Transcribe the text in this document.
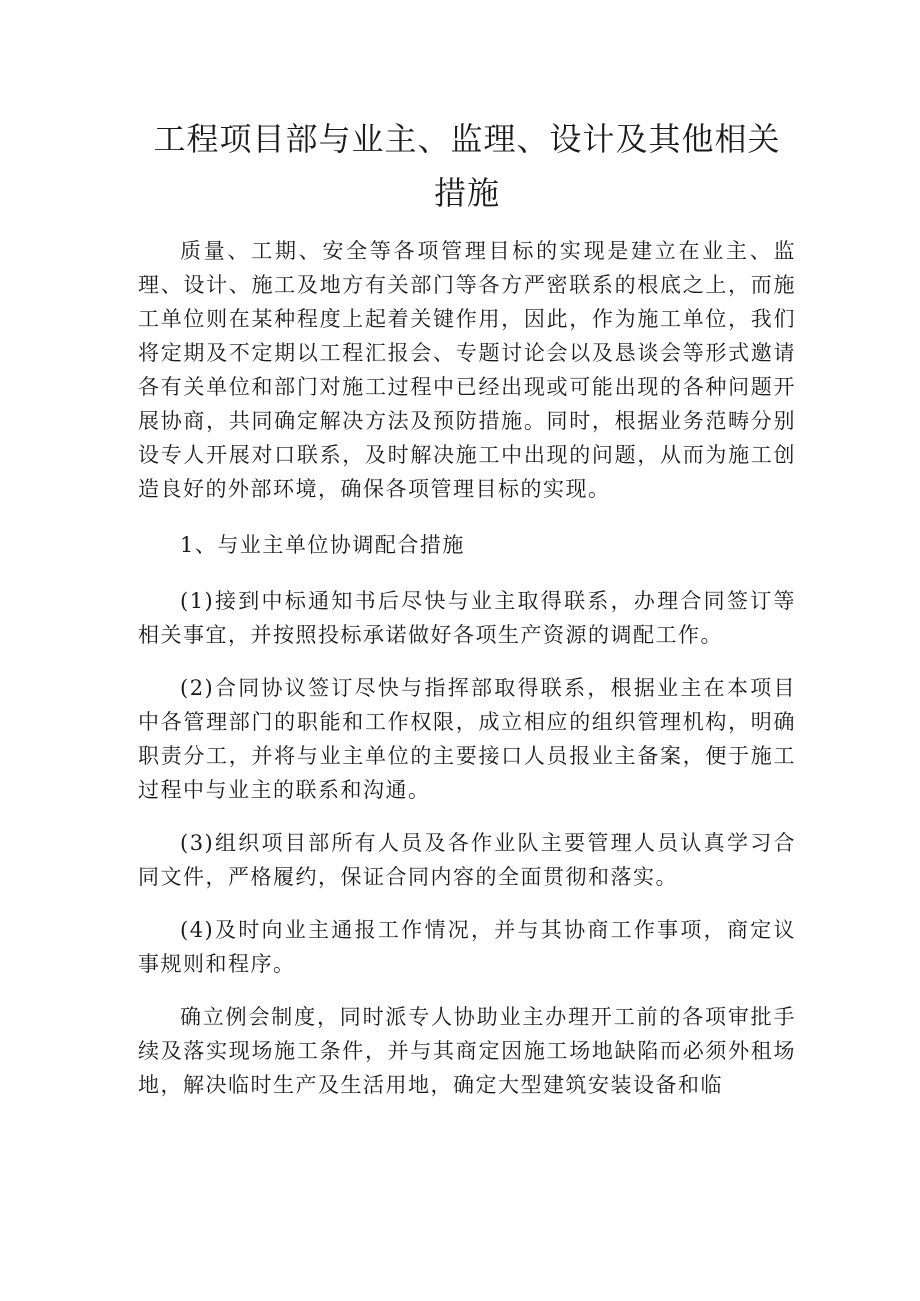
工程项目部与业主、监理、设计及其他相关措施

质量、工期、安全等各项管理目标的实现是建立在业主、监理、设计、施工及地方有关部门等各方严密联系的根底之上，而施工单位则在某种程度上起着关键作用，因此，作为施工单位，我们将定期及不定期以工程汇报会、专题讨论会以及恳谈会等形式邀请各有关单位和部门对施工过程中已经出现或可能出现的各种问题开展协商，共同确定解决方法及预防措施。同时，根据业务范畴分别设专人开展对口联系，及时解决施工中出现的问题，从而为施工创造良好的外部环境，确保各项管理目标的实现。

1、与业主单位协调配合措施

(1)接到中标通知书后尽快与业主取得联系，办理合同签订等相关事宜，并按照投标承诺做好各项生产资源的调配工作。

(2)合同协议签订尽快与指挥部取得联系，根据业主在本项目中各管理部门的职能和工作权限，成立相应的组织管理机构，明确职责分工，并将与业主单位的主要接口人员报业主备案，便于施工过程中与业主的联系和沟通。

(3)组织项目部所有人员及各作业队主要管理人员认真学习合同文件，严格履约，保证合同内容的全面贯彻和落实。

(4)及时向业主通报工作情况，并与其协商工作事项，商定议事规则和程序。

确立例会制度，同时派专人协助业主办理开工前的各项审批手续及落实现场施工条件，并与其商定因施工场地缺陷而必须外租场地，解决临时生产及生活用地，确定大型建筑安装设备和临
